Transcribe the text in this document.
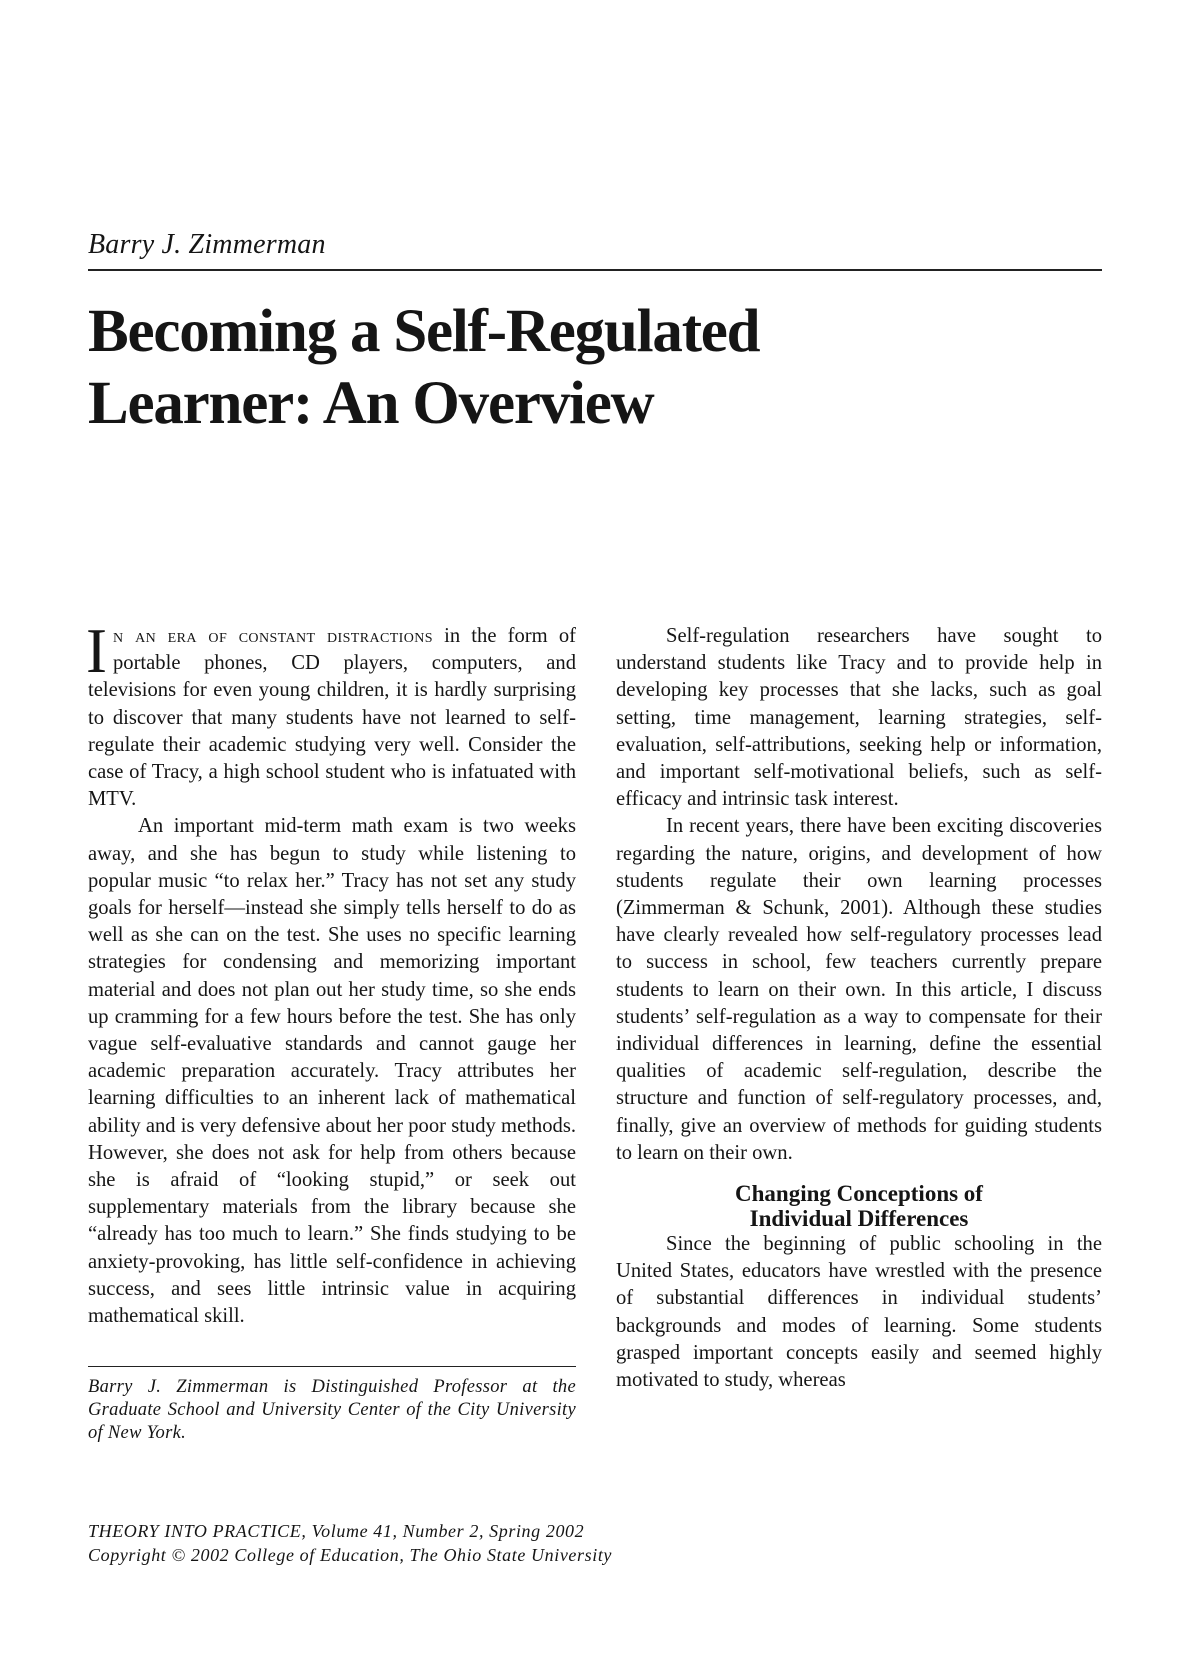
Barry J. Zimmerman
Becoming a Self-Regulated
Learner: An Overview

In an era of constant distractions in the form of portable phones, CD players, computers, and televisions for even young children, it is hardly surprising to discover that many students have not learned to self-regulate their academic studying very well. Consider the case of Tracy, a high school student who is infatuated with MTV.

An important mid-term math exam is two weeks away, and she has begun to study while listening to popular music “to relax her.” Tracy has not set any study goals for herself—instead she simply tells herself to do as well as she can on the test. She uses no specific learning strategies for condensing and memorizing important material and does not plan out her study time, so she ends up cramming for a few hours before the test. She has only vague self-evaluative standards and cannot gauge her academic preparation accurately. Tracy attributes her learning difficulties to an inherent lack of mathematical ability and is very defensive about her poor study methods. However, she does not ask for help from others because she is afraid of “looking stupid,” or seek out supplementary materials from the library because she “already has too much to learn.” She finds studying to be anxiety-provoking, has little self-confidence in achieving success, and sees little intrinsic value in acquiring mathematical skill.

Barry J. Zimmerman is Distinguished Professor at the Graduate School and University Center of the City University of New York.

Self-regulation researchers have sought to understand students like Tracy and to provide help in developing key processes that she lacks, such as goal setting, time management, learning strategies, self-evaluation, self-attributions, seeking help or information, and important self-motivational beliefs, such as self-efficacy and intrinsic task interest.

In recent years, there have been exciting discoveries regarding the nature, origins, and development of how students regulate their own learning processes (Zimmerman & Schunk, 2001). Although these studies have clearly revealed how self-regulatory processes lead to success in school, few teachers currently prepare students to learn on their own. In this article, I discuss students’ self-regulation as a way to compensate for their individual differences in learning, define the essential qualities of academic self-regulation, describe the structure and function of self-regulatory processes, and, finally, give an overview of methods for guiding students to learn on their own.

Changing Conceptions of
Individual Differences

Since the beginning of public schooling in the United States, educators have wrestled with the presence of substantial differences in individual students’ backgrounds and modes of learning. Some students grasped important concepts easily and seemed highly motivated to study, whereas

THEORY INTO PRACTICE, Volume 41, Number 2, Spring 2002
Copyright © 2002 College of Education, The Ohio State University
